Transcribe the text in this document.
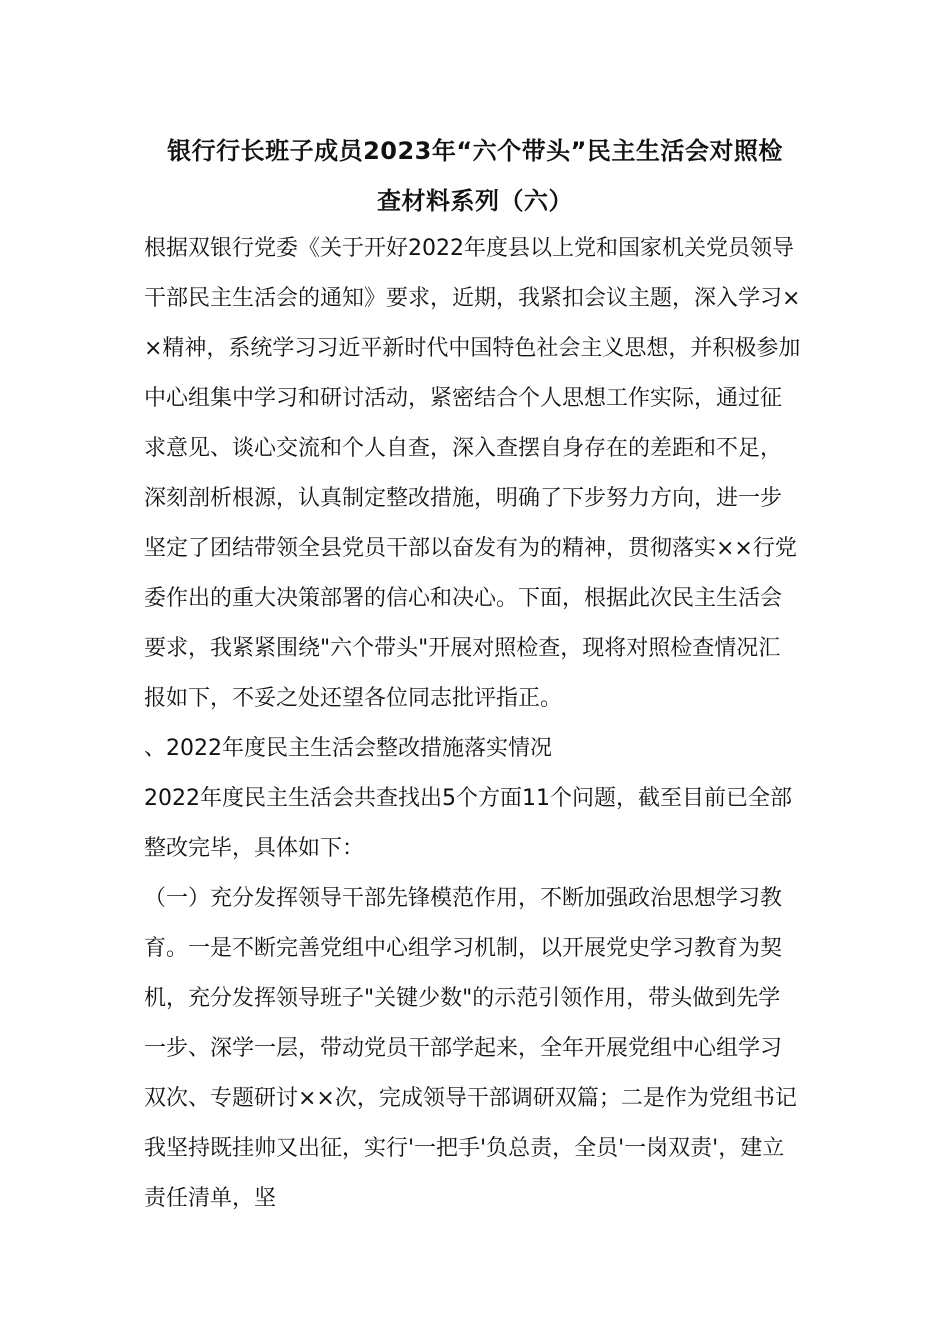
银行行长班子成员2023年“六个带头”民主生活会对照检
查材料系列（六）
根据双银行党委《关于开好2022年度县以上党和国家机关党员领导
干部民主生活会的通知》要求，近期，我紧扣会议主题，深入学习×
×精神，系统学习习近平新时代中国特色社会主义思想，并积极参加
中心组集中学习和研讨活动，紧密结合个人思想工作实际，通过征
求意见、谈心交流和个人自查，深入查摆自身存在的差距和不足，
深刻剖析根源，认真制定整改措施，明确了下步努力方向，进一步
坚定了团结带领全县党员干部以奋发有为的精神，贯彻落实××行党
委作出的重大决策部署的信心和决心。下面，根据此次民主生活会
要求，我紧紧围绕"六个带头"开展对照检查，现将对照检查情况汇
报如下，不妥之处还望各位同志批评指正。
、2022年度民主生活会整改措施落实情况
2022年度民主生活会共查找出5个方面11个问题，截至目前已全部
整改完毕，具体如下：
（一）充分发挥领导干部先锋模范作用，不断加强政治思想学习教
育。一是不断完善党组中心组学习机制，以开展党史学习教育为契
机，充分发挥领导班子"关键少数"的示范引领作用，带头做到先学
一步、深学一层，带动党员干部学起来，全年开展党组中心组学习
双次、专题研讨××次，完成领导干部调研双篇；二是作为党组书记
我坚持既挂帅又出征，实行'一把手'负总责，全员'一岗双责'，建立
责任清单，坚
